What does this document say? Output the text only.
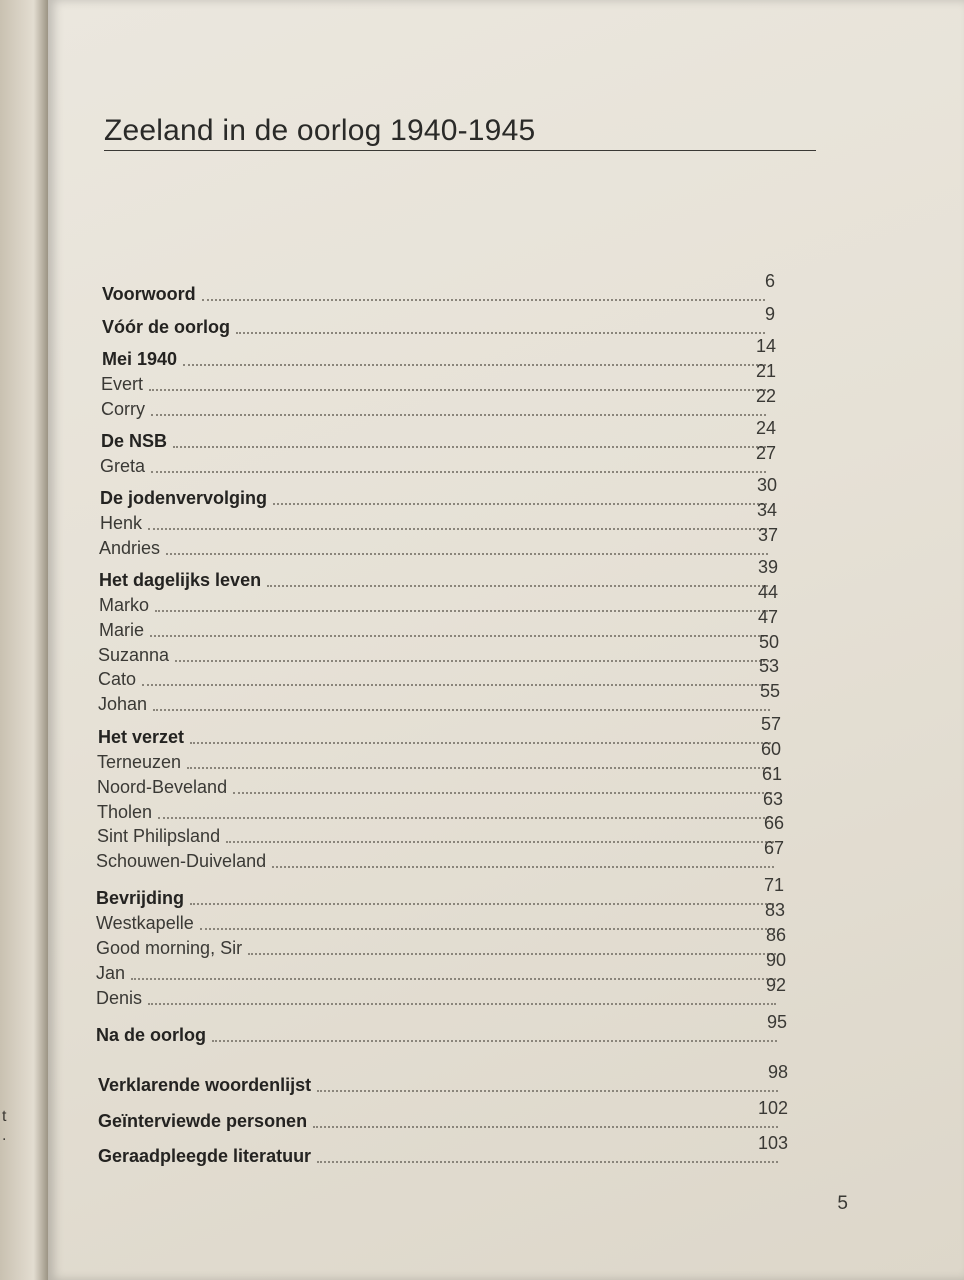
t
.
Zeeland in de oorlog 1940-1945
Voorwoord
6
Vóór de oorlog
9
Mei 1940
14
Evert
21
Corry
22
De NSB
24
Greta
27
De jodenvervolging
30
Henk
34
Andries
37
Het dagelijks leven
39
Marko
44
Marie
47
Suzanna
50
Cato
53
Johan
55
Het verzet
57
Terneuzen
60
Noord-Beveland
61
Tholen
63
Sint Philipsland
66
Schouwen-Duiveland
67
Bevrijding
71
Westkapelle
83
Good morning, Sir
86
Jan
90
Denis
92
Na de oorlog
95
Verklarende woordenlijst
98
Geïnterviewde personen
102
Geraadpleegde literatuur
103
5
